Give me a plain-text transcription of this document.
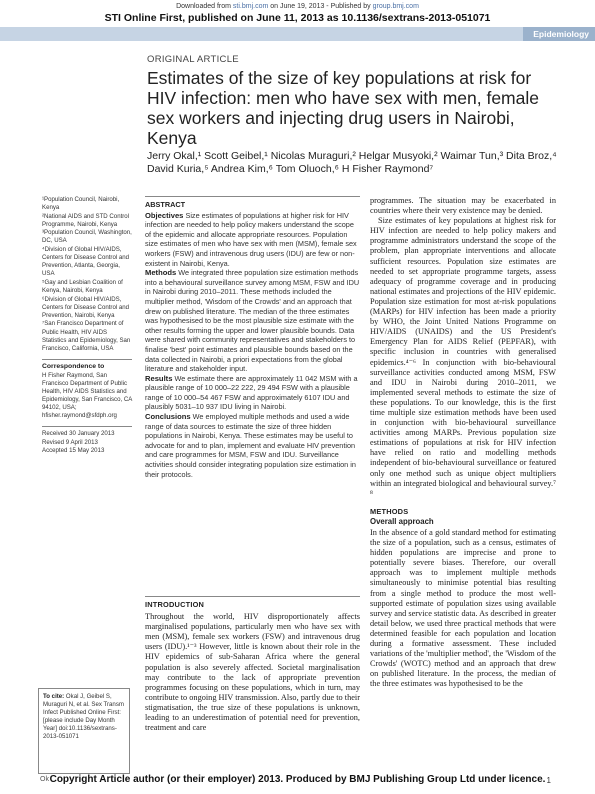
Downloaded from sti.bmj.com on June 19, 2013 - Published by group.bmj.com
STI Online First, published on June 11, 2013 as 10.1136/sextrans-2013-051071
Epidemiology
ORIGINAL ARTICLE
Estimates of the size of key populations at risk for HIV infection: men who have sex with men, female sex workers and injecting drug users in Nairobi, Kenya
Jerry Okal,¹ Scott Geibel,¹ Nicolas Muraguri,² Helgar Musyoki,² Waimar Tun,³ Dita Broz,⁴ David Kuria,⁵ Andrea Kim,⁶ Tom Oluoch,⁶ H Fisher Raymond⁷
¹Population Council, Nairobi, Kenya
²National AIDS and STD Control Programme, Nairobi, Kenya
³Population Council, Washington, DC, USA
⁴Division of Global HIV/AIDS, Centers for Disease Control and Prevention, Atlanta, Georgia, USA
⁵Gay and Lesbian Coalition of Kenya, Nairobi, Kenya
⁶Division of Global HIV/AIDS, Centers for Disease Control and Prevention, Nairobi, Kenya
⁷San Francisco Department of Public Health, HIV AIDS Statistics and Epidemiology, San Francisco, California, USA
Correspondence to
H Fisher Raymond, San Francisco Department of Public Health, HIV AIDS Statistics and Epidemiology, San Francisco, CA 94102, USA; hfisher.raymond@sfdph.org
Received 30 January 2013
Revised 9 April 2013
Accepted 15 May 2013
To cite: Okal J, Geibel S, Muraguri N, et al. Sex Transm Infect Published Online First: [please include Day Month Year] doi:10.1136/sextrans-2013-051071
ABSTRACT

Objectives Size estimates of populations at higher risk for HIV infection are needed to help policy makers understand the scope of the epidemic and allocate appropriate resources. Population size estimates of men who have sex with men (MSM), female sex workers (FSW) and intravenous drug users (IDU) are few or non-existent in Nairobi, Kenya.

Methods We integrated three population size estimation methods into a behavioural surveillance survey among MSM, FSW and IDU in Nairobi during 2010–2011. These methods included the multiplier method, 'Wisdom of the Crowds' and an approach that drew on published literature. The median of the three estimates was hypothesised to be the most plausible size estimate with the other results forming the upper and lower plausible bounds. Data were shared with community representatives and stakeholders to finalise 'best' point estimates and plausible bounds based on the data collected in Nairobi, a priori expectations from the global literature and stakeholder input.

Results We estimate there are approximately 11 042 MSM with a plausible range of 10 000–22 222, 29 494 FSW with a plausible range of 10 000–54 467 FSW and approximately 6107 IDU and plausibly 5031–10 937 IDU living in Nairobi.

Conclusions We employed multiple methods and used a wide range of data sources to estimate the size of three hidden populations in Nairobi, Kenya. These estimates may be useful to advocate for and to plan, implement and evaluate HIV prevention and care programmes for MSM, FSW and IDU. Surveillance activities should consider integrating population size estimation in their protocols.

INTRODUCTION

Throughout the world, HIV disproportionately affects marginalised populations, particularly men who have sex with men (MSM), female sex workers (FSW) and intravenous drug users (IDU).¹⁻³ However, little is known about their role in the HIV epidemics of sub-Saharan Africa where the general population is also severely affected. Societal marginalisation may contribute to the lack of appropriate prevention programmes focusing on these populations, which in turn, may contribute to ongoing HIV transmission. Also, partly due to their stigmatisation, the true size of these populations is unknown, leading to an underestimation of potential need for prevention, treatment and care

programmes. The situation may be exacerbated in countries where their very existence may be denied.

Size estimates of key populations at highest risk for HIV infection are needed to help policy makers and programme administrators understand the scope of the problem, plan appropriate interventions and allocate sufficient resources. Population size estimates are needed to set appropriate programme targets, assess adequacy of programme coverage and in producing national estimates and projections of the HIV epidemic. Population size estimation for most at-risk populations (MARPs) for HIV infection has been made a priority by WHO, the Joint United Nations Programme on HIV/AIDS (UNAIDS) and the US President's Emergency Plan for AIDS Relief (PEPFAR), with specific inclusion in countries with generalised epidemics.⁴⁻⁶ In conjunction with bio-behavioural surveillance activities conducted among MSM, FSW and IDU in Nairobi during 2010–2011, we implemented several methods to estimate the size of these populations. To our knowledge, this is the first time multiple size estimation methods have been used in conjunction with bio-behavioural surveillance activities among MARPs. Previous population size estimations of populations at risk for HIV infection have relied on ratio and modelling methods independent of bio-behavioural surveillance or featured only one method such as unique object multipliers within an integrated biological and behavioural survey.⁷ ⁸

METHODS
Overall approach

In the absence of a gold standard method for estimating the size of a population, such as a census, estimates of hidden populations are imprecise and prone to potentially severe biases. Therefore, our overall approach was to implement multiple methods simultaneously to minimise potential bias resulting from a single method to produce the most well-supported estimate of population sizes using available survey and service statistic data. As described in greater detail below, we used three practical methods that were determined feasible for each population and location during a formative assessment. These included variations of the 'multiplier method', the 'Wisdom of the Crowds' (WOTC) method and an approach that drew on published literature. In the process, the median of the three estimates was hypothesised to be the

Ok Copyright Article author (or their employer) 2013. Produced by BMJ Publishing Group Ltd under licence. 1
